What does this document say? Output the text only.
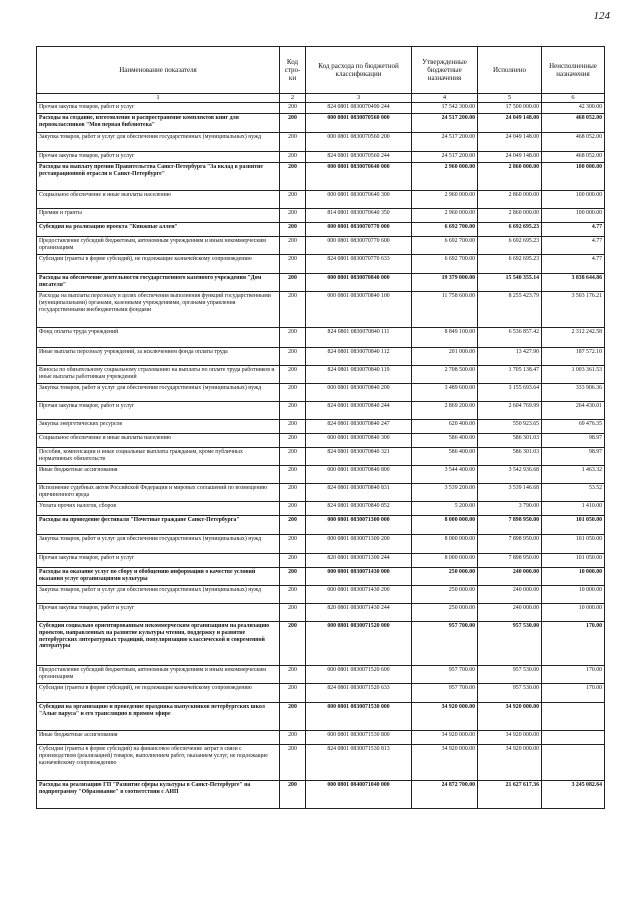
124
Наименование показателя	Код стро-ки	Код расхода по бюджетной классификации	Утвержденные бюджетные назначения	Исполнено	Неисполненные назначения
1	2	3	4	5	6
Прочая закупка товаров, работ и услуг	200	824 0801 0830070490 244	17 542 300.00	17 500 000.00	42 300.00
Расходы на создание, изготовление и распространение комплектов книг для первоклассников "Моя первая библиотека"	200	000 0801 0830070560 000	24 517 200.00	24 049 148.00	468 052.00
Закупка товаров, работ и услуг для обеспечения государственных (муниципальных) нужд	200	000 0801 0830070560 200	24 517 200.00	24 049 148.00	468 052.00
Прочая закупка товаров, работ и услуг	200	824 0801 0830070560 244	24 517 200.00	24 049 148.00	468 052.00
Расходы на выплату премии Правительства Санкт-Петербурга "За вклад в развитие реставрационной отрасли в Санкт-Петербурге"	200	000 0801 0830070640 000	2 960 000.00	2 860 000.00	100 000.00
Социальное обеспечение и иные выплаты населению	200	000 0801 0830070640 300	2 960 000.00	2 860 000.00	100 000.00
Премии и гранты	200	814 0801 0830070640 350	2 960 000.00	2 860 000.00	100 000.00
Субсидия на реализацию проекта "Книжные аллеи"	200	000 0801 0830070770 000	6 692 700.00	6 692 695.23	4.77
Предоставление субсидий бюджетным, автономным учреждениям и иным некоммерческим организациям	200	000 0801 0830070770 600	6 692 700.00	6 692 695.23	4.77
Субсидии (гранты в форме субсидий), не подлежащие казначейскому сопровождению	200	824 0801 0830070770 633	6 692 700.00	6 692 695.23	4.77
Расходы на обеспечение деятельности государственного казенного учреждения "Дом писателя"	200	000 0801 0830070840 000	19 379 000.00	15 540 355.14	3 838 644.86
Расходы на выплаты персоналу в целях обеспечения выполнения функций государственными (муниципальными) органами, казенными учреждениями, органами управления государственными внебюджетными фондами	200	000 0801 0830070840 100	11 758 600.00	8 255 423.79	3 503 176.21
Фонд оплаты труда учреждений	200	824 0801 0830070840 111	8 849 100.00	6 536 857.42	2 312 242.58
Иные выплаты персоналу учреждений, за исключением фонда оплаты труда	200	824 0801 0830070840 112	201 000.00	13 427.90	187 572.10
Взносы по обязательному социальному страхованию на выплаты по оплате труда работников и иные выплаты работникам учреждений	200	824 0801 0830070840 119	2 708 500.00	1 705 138.47	1 003 361.53
Закупка товаров, работ и услуг для обеспечения государственных (муниципальных) нужд	200	000 0801 0830070840 200	3 489 600.00	3 155 693.64	333 906.36
Прочая закупка товаров, работ и услуг	200	824 0801 0830070840 244	2 869 200.00	2 604 769.99	264 430.01
Закупка энергетических ресурсов	200	824 0801 0830070840 247	620 400.00	550 923.65	69 476.35
Социальное обеспечение и иные выплаты населению	200	000 0801 0830070840 300	586 400.00	586 301.03	98.97
Пособия, компенсации и иные социальные выплаты гражданам, кроме публичных нормативных обязательств	200	824 0801 0830070840 321	586 400.00	586 301.03	98.97
Иные бюджетные ассигнования	200	000 0801 0830070840 800	3 544 400.00	3 542 936.68	1 463.32
Исполнение судебных актов Российской Федерации и мировых соглашений по возмещению причиненного вреда	200	824 0801 0830070840 831	3 539 200.00	3 539 146.68	53.52
Уплата прочих налогов, сборов	200	824 0801 0830070840 852	5 200.00	3 790.00	1 410.00
Расходы на проведение фестиваля "Почетные граждане Санкт-Петербурга"	200	000 0801 0830071300 000	8 000 000.00	7 898 950.00	101 050.00
Закупка товаров, работ и услуг для обеспечения государственных (муниципальных) нужд	200	000 0801 0830071300 200	8 000 000.00	7 898 950.00	101 050.00
Прочая закупка товаров, работ и услуг	200	820 0801 0830071300 244	8 000 000.00	7 898 950.00	101 050.00
Расходы на оказание услуг по сбору и обобщению информации о качестве условий оказания услуг организациями культуры	200	000 0801 0830071430 000	250 000.00	240 000.00	10 000.00
Закупка товаров, работ и услуг для обеспечения государственных (муниципальных) нужд	200	000 0801 0830071430 200	250 000.00	240 000.00	10 000.00
Прочая закупка товаров, работ и услуг	200	820 0801 0830071430 244	250 000.00	240 000.00	10 000.00
Субсидии социально ориентированным некоммерческим организациям на реализацию проектов, направленных на развитие культуры чтения, поддержку и развитие петербургских литературных традиций, популяризацию классической и современной литературы	200	000 0801 0830071520 000	957 700.00	957 530.00	170.00
Предоставление субсидий бюджетным, автономным учреждениям и иным некоммерческим организациям	200	000 0801 0830071520 600	957 700.00	957 530.00	170.00
Субсидии (гранты в форме субсидий), не подлежащие казначейскому сопровождению	200	824 0801 0830071520 633	957 700.00	957 530.00	170.00
Субсидия на организацию и проведение праздника выпускников петербургских школ "Алые паруса" и его трансляцию в прямом эфире	200	000 0801 0830071530 000	34 920 000.00	34 920 000.00	
Иные бюджетные ассигнования	200	000 0801 0830071530 800	34 920 000.00	34 920 000.00	
Субсидии (гранты в форме субсидий) на финансовое обеспечение затрат в связи с производством (реализацией) товаров, выполнением работ, оказанием услуг, не подлежащие казначейскому сопровождению	200	824 0801 0830071530 813	34 920 000.00	34 920 000.00	
Расходы на реализацию ГП "Развитие сферы культуры в Санкт-Петербурге" на подпрограмму "Образование" в соответствии с АИП	200	000 0801 0840071040 000	24 872 700.00	21 627 617.36	3 245 082.64
